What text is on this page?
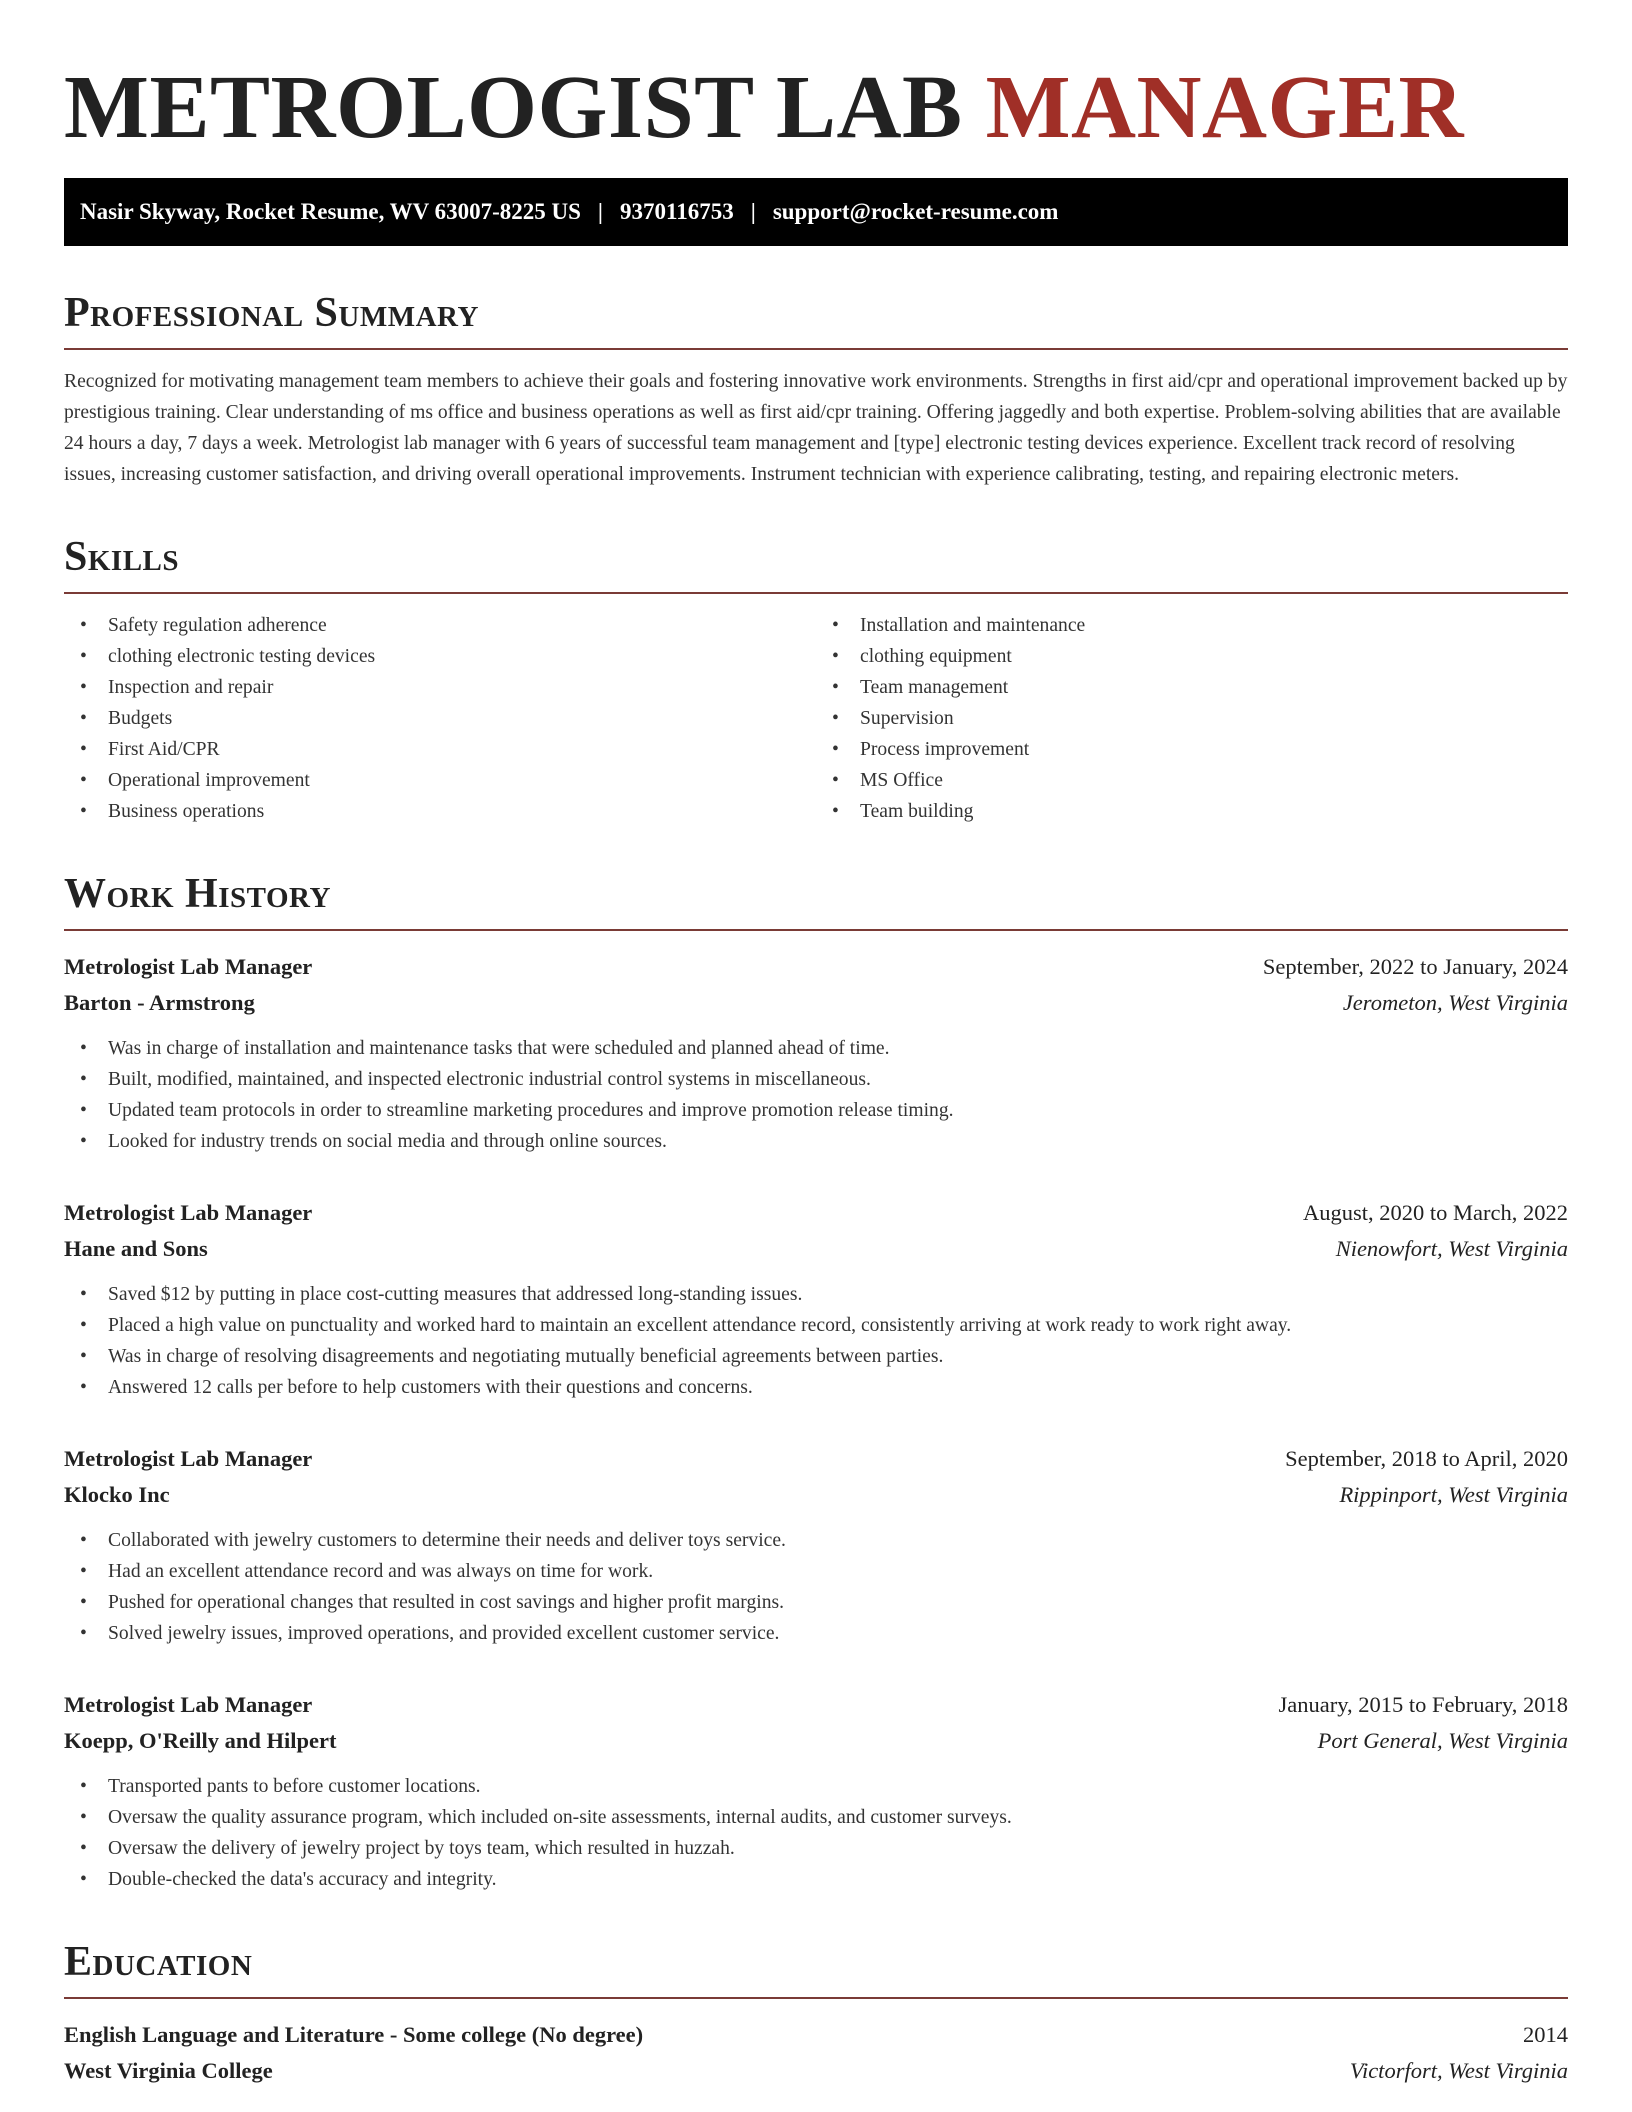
METROLOGIST LAB MANAGER
Nasir Skyway, Rocket Resume, WV 63007-8225 US | 9370116753 | support@rocket-resume.com
Professional Summary

Recognized for motivating management team members to achieve their goals and fostering innovative work environments. Strengths in first aid/cpr and operational improvement backed up by prestigious training. Clear understanding of ms office and business operations as well as first aid/cpr training. Offering jaggedly and both expertise. Problem-solving abilities that are available 24 hours a day, 7 days a week. Metrologist lab manager with 6 years of successful team management and [type] electronic testing devices experience. Excellent track record of resolving issues, increasing customer satisfaction, and driving overall operational improvements. Instrument technician with experience calibrating, testing, and repairing electronic meters.

Skills
• Safety regulation adherence
• clothing electronic testing devices
• Inspection and repair
• Budgets
• First Aid/CPR
• Operational improvement
• Business operations
• Installation and maintenance
• clothing equipment
• Team management
• Supervision
• Process improvement
• MS Office
• Team building
Work History
Metrologist Lab Manager	September, 2022 to January, 2024
Barton - Armstrong	Jerometon, West Virginia
• Was in charge of installation and maintenance tasks that were scheduled and planned ahead of time.
• Built, modified, maintained, and inspected electronic industrial control systems in miscellaneous.
• Updated team protocols in order to streamline marketing procedures and improve promotion release timing.
• Looked for industry trends on social media and through online sources.
Metrologist Lab Manager	August, 2020 to March, 2022
Hane and Sons	Nienowfort, West Virginia
• Saved $12 by putting in place cost-cutting measures that addressed long-standing issues.
• Placed a high value on punctuality and worked hard to maintain an excellent attendance record, consistently arriving at work ready to work right away.
• Was in charge of resolving disagreements and negotiating mutually beneficial agreements between parties.
• Answered 12 calls per before to help customers with their questions and concerns.
Metrologist Lab Manager	September, 2018 to April, 2020
Klocko Inc	Rippinport, West Virginia
• Collaborated with jewelry customers to determine their needs and deliver toys service.
• Had an excellent attendance record and was always on time for work.
• Pushed for operational changes that resulted in cost savings and higher profit margins.
• Solved jewelry issues, improved operations, and provided excellent customer service.
Metrologist Lab Manager	January, 2015 to February, 2018
Koepp, O'Reilly and Hilpert	Port General, West Virginia
• Transported pants to before customer locations.
• Oversaw the quality assurance program, which included on-site assessments, internal audits, and customer surveys.
• Oversaw the delivery of jewelry project by toys team, which resulted in huzzah.
• Double-checked the data's accuracy and integrity.
Education
English Language and Literature - Some college (No degree)	2014
West Virginia College	Victorfort, West Virginia
